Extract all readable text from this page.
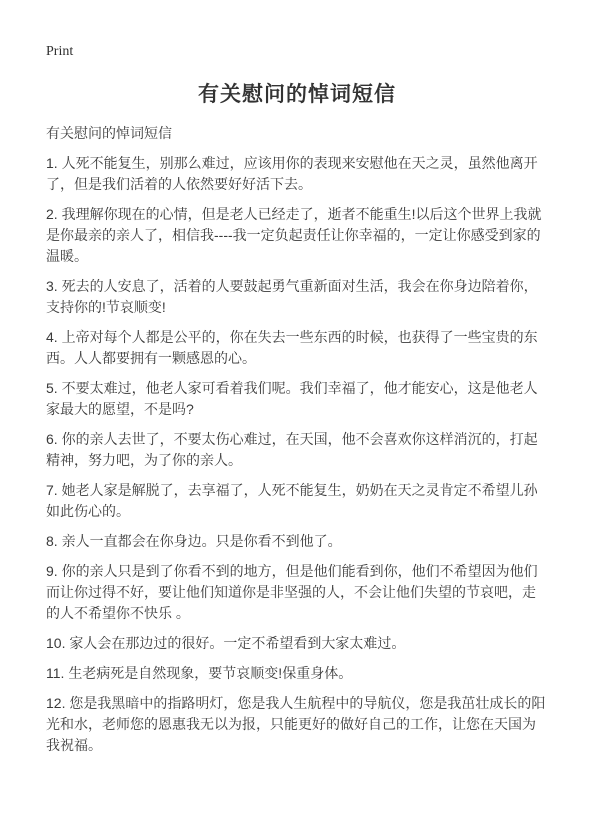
Print
有关慰问的悼词短信
有关慰问的悼词短信

1. 人死不能复生，别那么难过，应该用你的表现来安慰他在天之灵，虽然他离开了，但是我们活着的人依然要好好活下去。

2. 我理解你现在的心情，但是老人已经走了，逝者不能重生!以后这个世界上我就是你最亲的亲人了，相信我----我一定负起责任让你幸福的，一定让你感受到家的温暖。

3. 死去的人安息了，活着的人要鼓起勇气重新面对生活，我会在你身边陪着你，支持你的!节哀顺变!

4. 上帝对每个人都是公平的，你在失去一些东西的时候，也获得了一些宝贵的东西。人人都要拥有一颗感恩的心。

5. 不要太难过，他老人家可看着我们呢。我们幸福了，他才能安心，这是他老人家最大的愿望，不是吗?

6. 你的亲人去世了，不要太伤心难过，在天国，他不会喜欢你这样消沉的，打起精神，努力吧，为了你的亲人。

7. 她老人家是解脱了，去享福了，人死不能复生，奶奶在天之灵肯定不希望儿孙如此伤心的。

8. 亲人一直都会在你身边。只是你看不到他了。

9. 你的亲人只是到了你看不到的地方，但是他们能看到你，他们不希望因为他们而让你过得不好，要让他们知道你是非坚强的人，不会让他们失望的节哀吧，走的人不希望你不快乐 。

10. 家人会在那边过的很好。一定不希望看到大家太难过。

11. 生老病死是自然现象，要节哀顺变!保重身体。

12. 您是我黑暗中的指路明灯，您是我人生航程中的导航仪，您是我茁壮成长的阳光和水，老师您的恩惠我无以为报，只能更好的做好自己的工作，让您在天国为我祝福。
